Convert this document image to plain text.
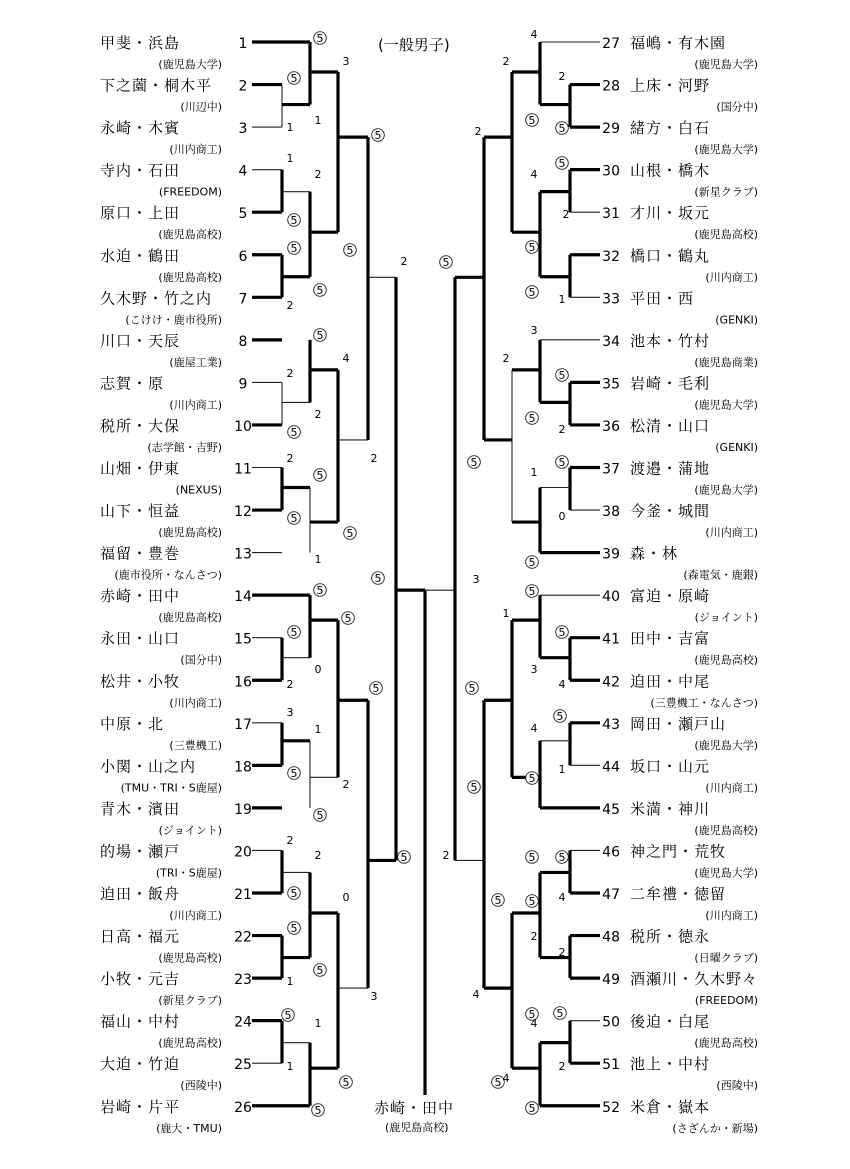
5
5
5
5
5
5
5
5
5
5
5
5
5
5
5
5
5
5
5
5
5
5
5
5
5
5
5
5
5
5
5
5
5
5
5	5
5
5
5
5
5
5
5
5 5
5 5
5 5
5
5
3
1
1
1
2
2
4
2
2
2	2
1
0
2
3
1
2
2
2
0
1
1
1
3
2
4
2
2
2
4
2
1
3
2
2
1
0
3
1
3
4
4
1
2
4
2
2
4
4
2
4
甲斐・浜島	1
(鹿児島大学)
下之薗・桐木平 2
(川辺中)
永崎・木賓	3
(川内商工)
寺内・石田	4
(FREEDOM)
原口・上田	5
(鹿児島高校)
水迫・鶴田	6
(鹿児島高校)
久木野・竹之内 7
(こけけ・鹿市役所)
川口・天辰	8
(鹿屋工業)
志賀・原	9
(川内商工)
税所・大保	10
(志学館・吉野)
山畑・伊東	11
(NEXUS)
山下・恒益	12
(鹿児島高校)
福留・豊巻	13
(鹿市役所・なんさつ)
赤崎・田中	14
(鹿児島高校)
永田・山口	15
(国分中)
松井・小牧	16
(川内商工)
中原・北	17
(三豊機工)
小関・山之内	18
(TMU・TRI・S鹿屋)
青木・濱田	19
(ジョイント)
的場・瀬戸	20
(TRI・S鹿屋)
迫田・飯舟	21
(川内商工)
日高・福元	22
(鹿児島高校)
小牧・元吉	23
(新星クラブ)
福山・中村	24
(鹿児島高校)
大迫・竹迫	25
(西陵中)
岩崎・片平	26
(鹿大・TMU)
27 福嶋・有木園
(鹿児島大学)
28 上床・河野
(国分中)
29 緒方・白石
(鹿児島大学)
30 山根・橋木
(新星クラブ)
31 才川・坂元
(鹿児島高校)
32 橋口・鶴丸
(川内商工)
33 平田・西
(GENKI)
34 池本・竹村
(鹿児島商業)
35 岩崎・毛利
(鹿児島大学)
36 松清・山口
(GENKI)
37 渡邉・蒲地
(鹿児島大学)
38 今釜・城間
(川内商工)
39 森・林
(森電気・鹿銀)
40 富迫・原崎
(ジョイント)
41 田中・吉富
(鹿児島高校)
42 迫田・中尾
(三豊機工・なんさつ)
43 岡田・瀬戸山
(鹿児島大学)
44 坂口・山元
(川内商工)
45 米満・神川
(鹿児島高校)
46 神之門・荒牧
(鹿児島大学)
47 二牟禮・徳留
(川内商工)
48 税所・徳永
(日曜クラブ)
49 酒瀬川・久木野々
(FREEDOM)
50 後迫・白尾
(鹿児島高校)
51 池上・中村
(西陵中)
52 米倉・嶽本
(さざんか・新場)
(一般男子)
赤崎・田中
(鹿児島高校)
